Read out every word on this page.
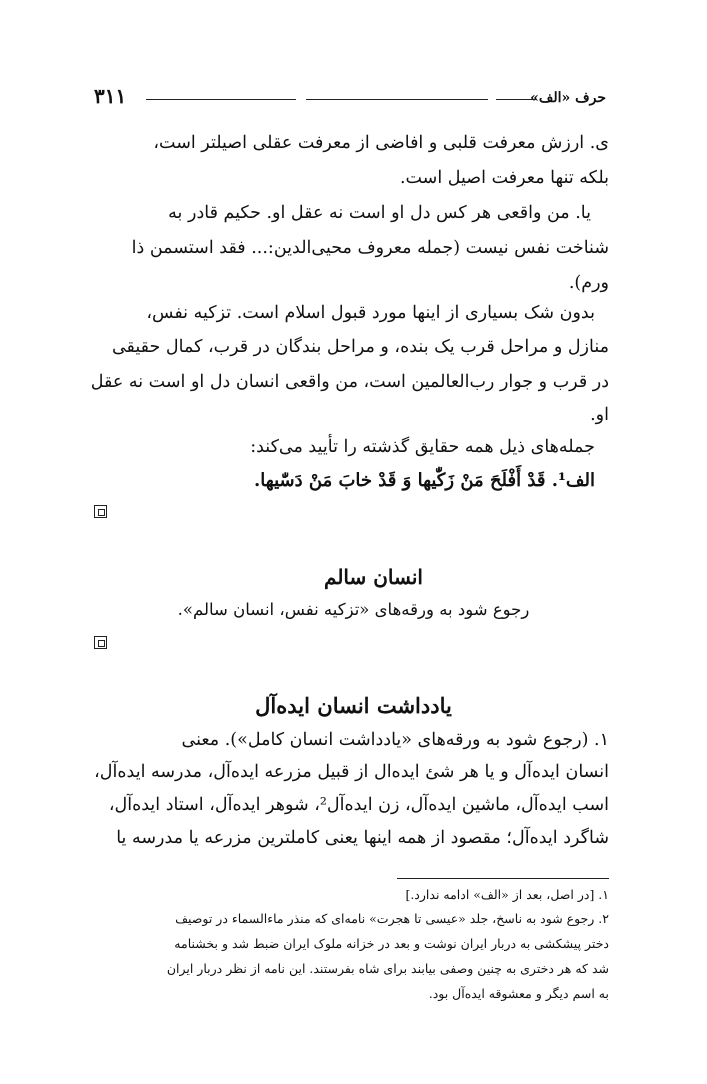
حرف «الف»
۳۱۱
ی. ارزش معرفت قلبی و افاضی از معرفت عقلی اصیلتر است،
بلکه تنها معرفت اصیل است.
یا. من واقعی هر کس دل او است نه عقل او. حکیم قادر به
شناخت نفس نیست (جمله معروف محیی‌الدین:... فقد استسمن ذا
ورم).
بدون شک بسیاری از اینها مورد قبول اسلام است. تزکیه نفس،
منازل و مراحل قرب یک بنده، و مراحل بندگان در قرب، کمال حقیقی
در قرب و جوار رب‌العالمین است، من واقعی انسان دل او است نه عقل
او.
جمله‌های ذیل همه حقایق گذشته را تأیید می‌کند:
الف¹. قَدْ أَفْلَحَ مَنْ زَکّٰیها وَ قَدْ خابَ مَنْ دَسّٰیها.
انسان سالم
رجوع شود به ورقه‌های «تزکیه نفس، انسان سالم».
یادداشت انسان ایده‌آل
۱. (رجوع شود به ورقه‌های «یادداشت انسان کامل»). معنی
انسان ایده‌آل و یا هر شئ ایده‌ال از قبیل مزرعه ایده‌آل، مدرسه ایده‌آل،
اسب ایده‌آل، ماشین ایده‌آل، زن ایده‌آل²، شوهر ایده‌آل، استاد ایده‌آل،
شاگرد ایده‌آل؛ مقصود از همه اینها یعنی کاملترین مزرعه یا مدرسه یا
۱. [در اصل، بعد از «الف» ادامه ندارد.]
۲. رجوع شود به ناسخ، جلد «عیسی تا هجرت» نامه‌ای که منذر ماءالسماء در توصیف
دختر پیشکشی به دربار ایران نوشت و بعد در خزانه ملوک ایران ضبط شد و بخشنامه
شد که هر دختری به چنین وصفی بیابند برای شاه بفرستند. این نامه از نظر دربار ایران
به اسم دیگر و معشوقه ایده‌آل بود.
